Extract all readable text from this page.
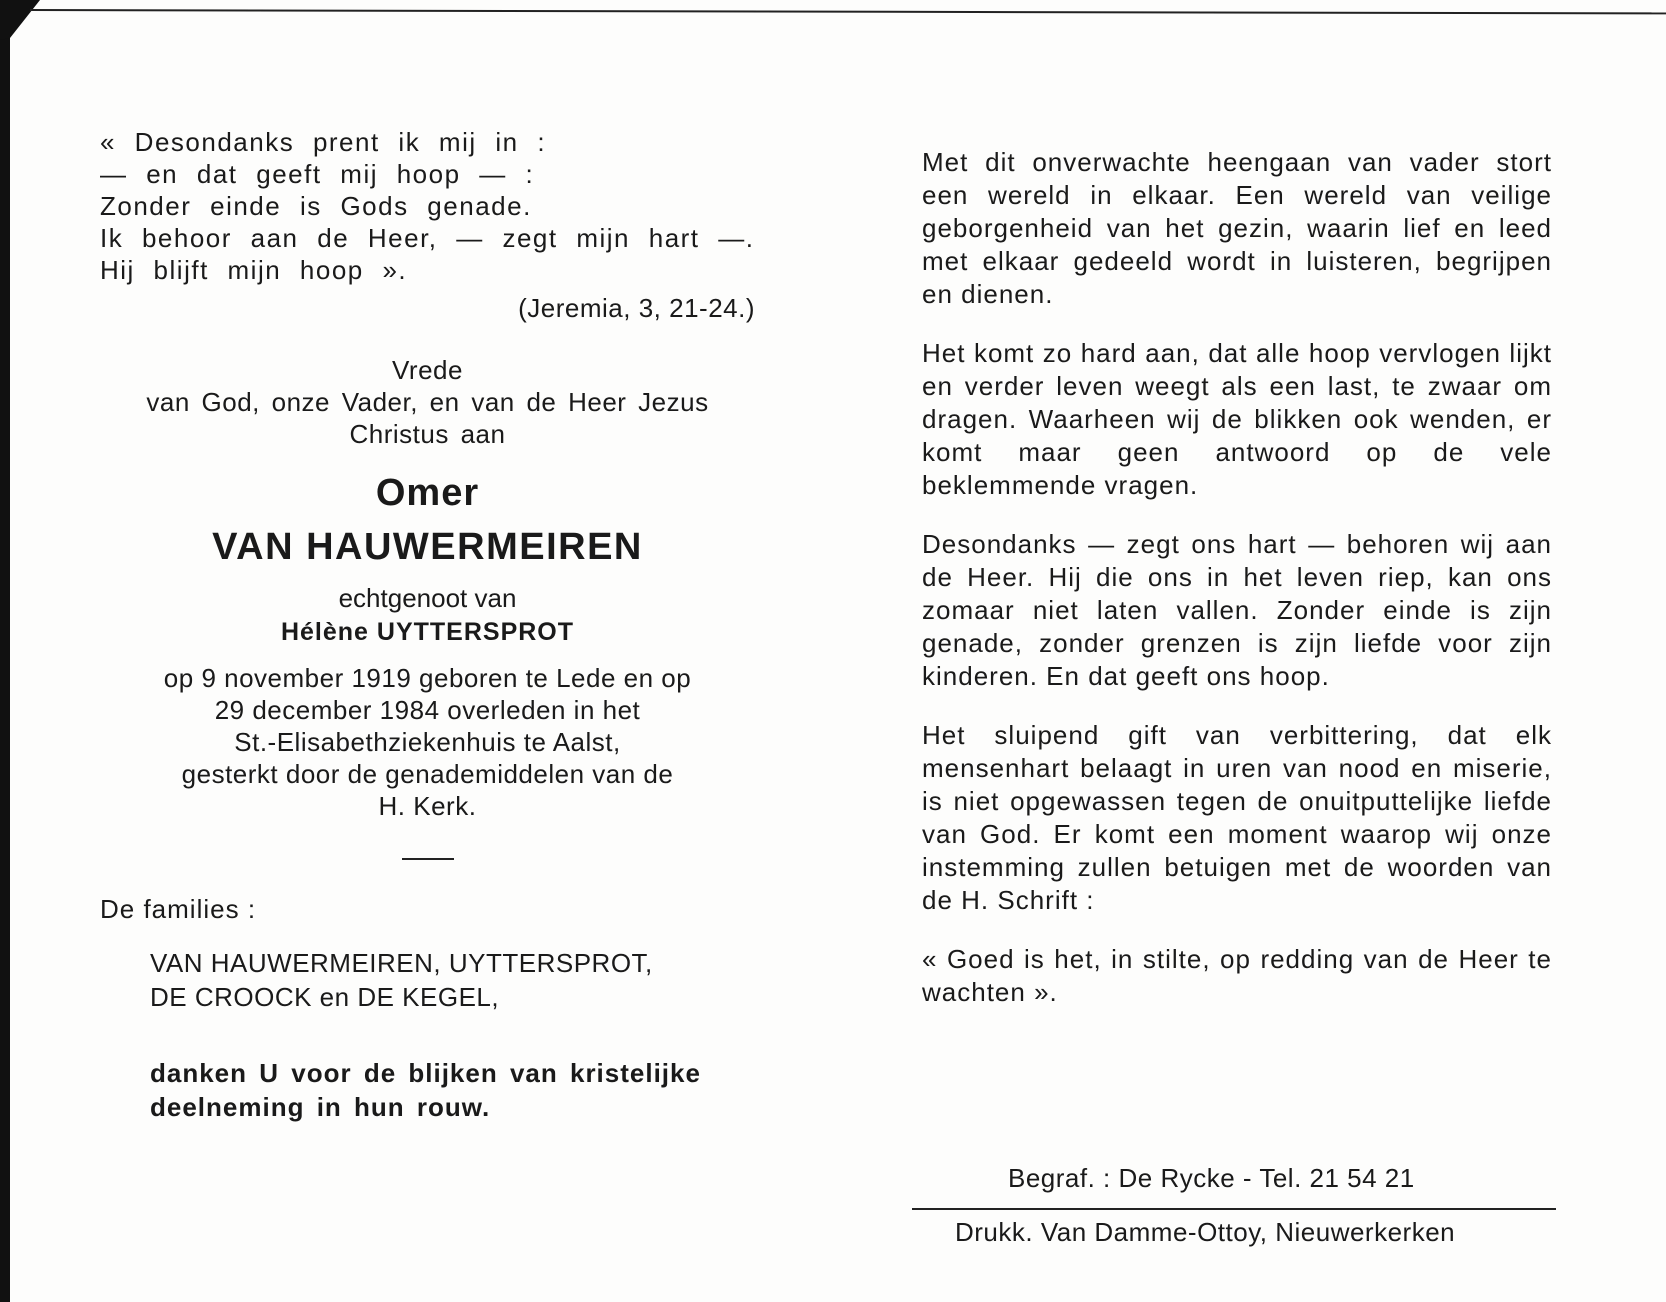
« Desondanks prent ik mij in :
— en dat geeft mij hoop — :
Zonder einde is Gods genade.
Ik behoor aan de Heer, — zegt mijn hart —.
Hij blijft mijn hoop ».
(Jeremia, 3, 21-24.)
Vrede
van God, onze Vader, en van de Heer Jezus
Christus aan
Omer
VAN HAUWERMEIREN
echtgenoot van
Hélène UYTTERSPROT
op 9 november 1919 geboren te Lede en op
29 december 1984 overleden in het
St.-Elisabethziekenhuis te Aalst,
gesterkt door de genademiddelen van de
H. Kerk.
De families :
VAN HAUWERMEIREN, UYTTERSPROT,
DE CROOCK en DE KEGEL,
danken U voor de blijken van kristelijke
deelneming in hun rouw.

Met dit onverwachte heengaan van vader stort een wereld in elkaar. Een wereld van veilige geborgenheid van het gezin, waarin lief en leed met elkaar gedeeld wordt in luisteren, begrijpen en dienen.

Het komt zo hard aan, dat alle hoop vervlogen lijkt en verder leven weegt als een last, te zwaar om dragen. Waarheen wij de blikken ook wenden, er komt maar geen antwoord op de vele beklemmende vragen.

Desondanks — zegt ons hart — behoren wij aan de Heer. Hij die ons in het leven riep, kan ons zomaar niet laten vallen. Zonder einde is zijn genade, zonder grenzen is zijn liefde voor zijn kinderen. En dat geeft ons hoop.

Het sluipend gift van verbittering, dat elk mensenhart belaagt in uren van nood en miserie, is niet opgewassen tegen de onuitputtelijke liefde van God. Er komt een moment waarop wij onze instemming zullen betuigen met de woorden van de H. Schrift :

« Goed is het, in stilte, op redding van de Heer te wachten ».

Begraf. : De Rycke - Tel. 21 54 21
Drukk. Van Damme-Ottoy, Nieuwerkerken
